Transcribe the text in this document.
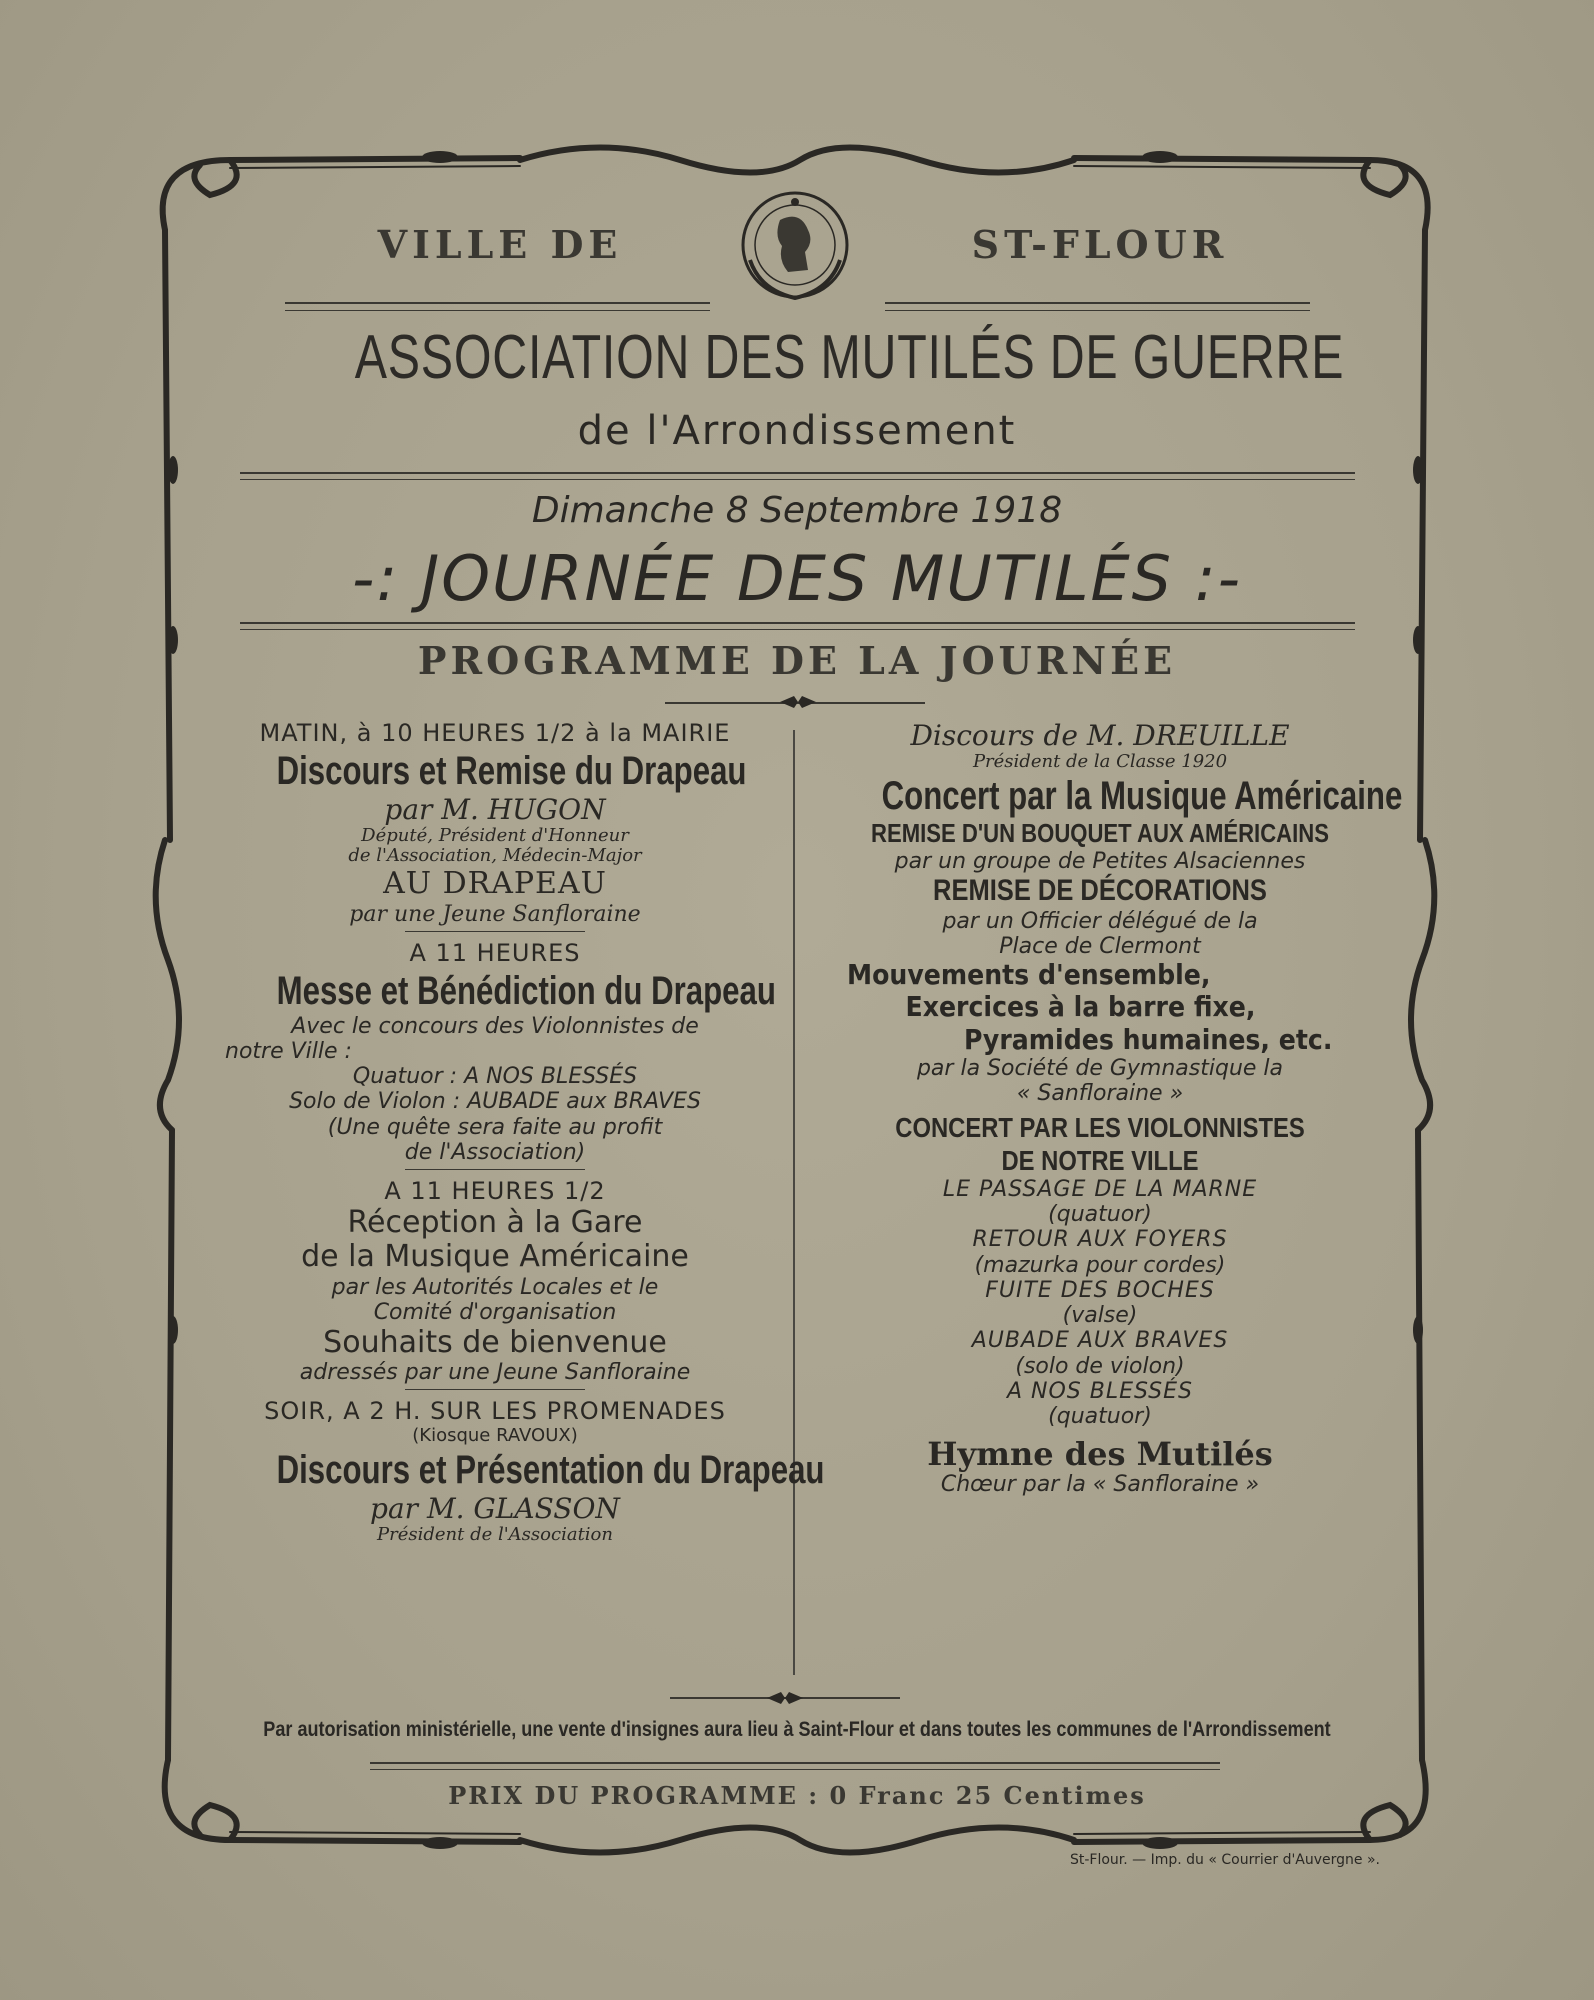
VILLE DE	ST-FLOUR
ASSOCIATION DES MUTILÉS DE GUERRE
de l'Arrondissement
Dimanche 8 Septembre 1918
-: JOURNÉE DES MUTILÉS :-
PROGRAMME DE LA JOURNÉE
MATIN, à 10 HEURES 1/2 à la MAIRIE
Discours et Remise du Drapeau
par M. HUGON
Député, Président d'Honneur
de l'Association, Médecin-Major
AU DRAPEAU
par une Jeune Sanfloraine
A 11 HEURES
Messe et Bénédiction du Drapeau
Avec le concours des Violonnistes de
notre Ville :
Quatuor : A NOS BLESSÉS
Solo de Violon : AUBADE aux BRAVES
(Une quête sera faite au profit
de l'Association)
A 11 HEURES 1/2
Réception à la Gare
de la Musique Américaine
par les Autorités Locales et le
Comité d'organisation
Souhaits de bienvenue
adressés par une Jeune Sanfloraine
SOIR, A 2 H. SUR LES PROMENADES
(Kiosque RAVOUX)
Discours et Présentation du Drapeau
par M. GLASSON
Président de l'Association
Discours de M. DREUILLE
Président de la Classe 1920
Concert par la Musique Américaine
REMISE D'UN BOUQUET AUX AMÉRICAINS
par un groupe de Petites Alsaciennes
REMISE DE DÉCORATIONS
par un Officier délégué de la
Place de Clermont
Mouvements d'ensemble,
Exercices à la barre fixe,
Pyramides humaines, etc.
par la Société de Gymnastique la
« Sanfloraine »
CONCERT PAR LES VIOLONNISTES
DE NOTRE VILLE
LE PASSAGE DE LA MARNE
(quatuor)
RETOUR AUX FOYERS
(mazurka pour cordes)
FUITE DES BOCHES
(valse)
AUBADE AUX BRAVES
(solo de violon)
A NOS BLESSÉS
(quatuor)
Hymne des Mutilés
Chœur par la « Sanfloraine »
Par autorisation ministérielle, une vente d'insignes aura lieu à Saint-Flour et dans toutes les communes de l'Arrondissement
PRIX DU PROGRAMME : 0 Franc 25 Centimes
St-Flour. — Imp. du « Courrier d'Auvergne ».
